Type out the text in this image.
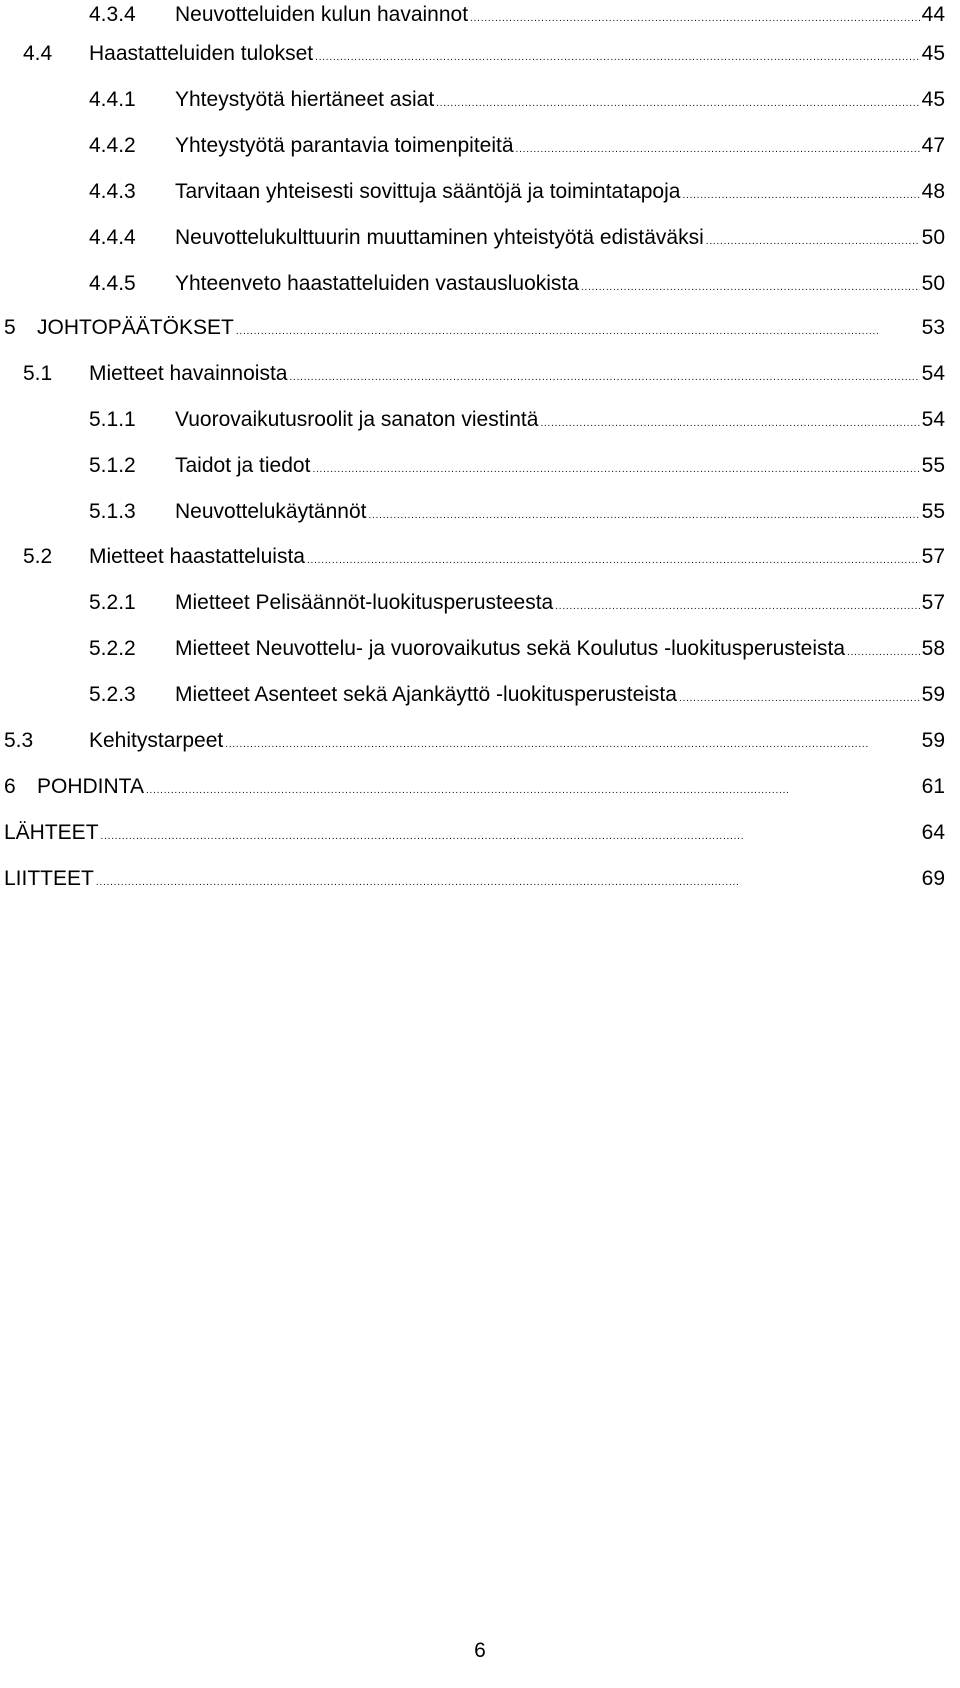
4.3.4 Neuvotteluiden kulun havainnot . . .	44
4.4 Haastatteluiden tulokset . . .	45
4.4.1 Yhteystyötä hiertäneet asiat . . .	45
4.4.2 Yhteystyötä parantavia toimenpiteitä . . .	47
4.4.3 Tarvitaan yhteisesti sovittuja sääntöjä ja toimintatapoja . . .	48
4.4.4 Neuvottelukulttuurin muuttaminen yhteistyötä edistäväksi . . .	50
4.4.5 Yhteenveto haastatteluiden vastausluokista . . .	50
5 JOHTOPÄÄTÖKSET . . .	53
5.1 Mietteet havainnoista . . .	54
5.1.1 Vuorovaikutusroolit ja sanaton viestintä . . .	54
5.1.2 Taidot ja tiedot . . .	55
5.1.3 Neuvottelukäytännöt . . .	55
5.2 Mietteet haastatteluista . . .	57
5.2.1 Mietteet Pelisäännöt-luokitusperusteesta . . .	57
5.2.2 Mietteet Neuvottelu- ja vuorovaikutus sekä Koulutus -luokitusperusteista . . .	58
5.2.3 Mietteet Asenteet sekä Ajankäyttö -luokitusperusteista . . .	59
5.3	Kehitystarpeet . . .	59
6 POHDINTA . . .	61
LÄHTEET . . .	64
LIITTEET . . .	69
6
